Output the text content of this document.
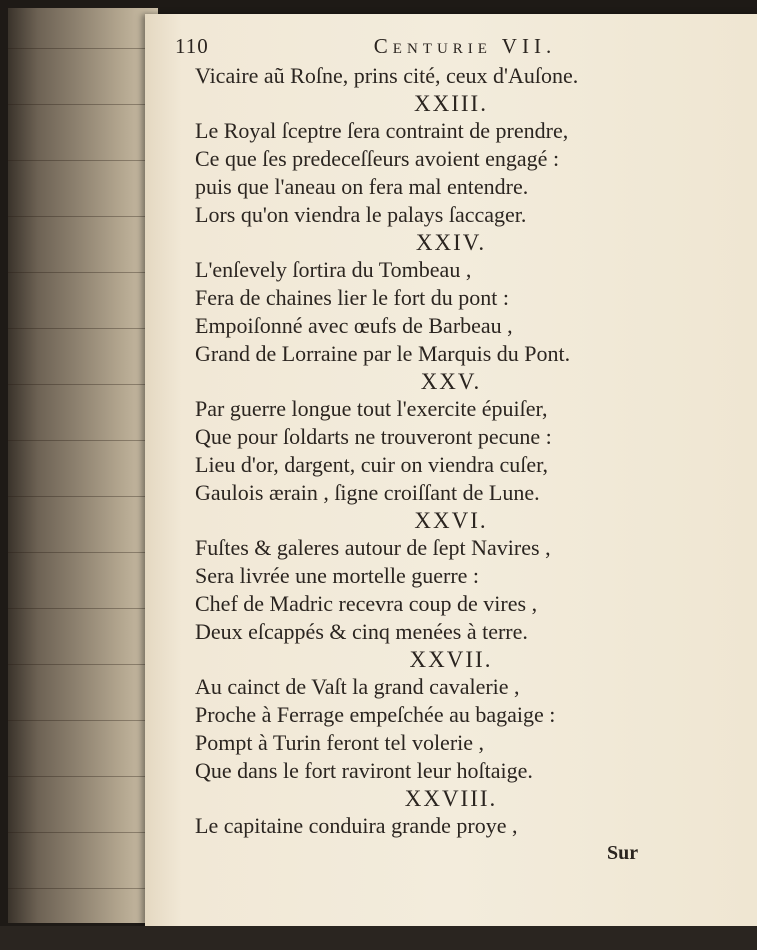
110	Centurie VII.
Sur
Vicaire aũ Roſne, prins cité, ceux d'Auſone.
XXIII.
Le Royal ſceptre ſera contraint de prendre,
Ce que ſes predeceſſeurs avoient engagé :
puis que l'aneau on fera mal entendre.
Lors qu'on viendra le palays ſaccager.
XXIV.
L'enſevely ſortira du Tombeau ,
Fera de chaines lier le fort du pont :
Empoiſonné avec œufs de Barbeau ,
Grand de Lorraine par le Marquis du Pont.
XXV.
Par guerre longue tout l'exercite épuiſer,
Que pour ſoldarts ne trouveront pecune :
Lieu d'or, dargent, cuir on viendra cuſer,
Gaulois ærain , ſigne croiſſant de Lune.
XXVI.
Fuſtes & galeres autour de ſept Navires ,
Sera livrée une mortelle guerre :
Chef de Madric recevra coup de vires ,
Deux eſcappés & cinq menées à terre.
XXVII.
Au cainct de Vaſt la grand cavalerie ,
Proche à Ferrage empeſchée au bagaige :
Pompt à Turin feront tel volerie ,
Que dans le fort raviront leur hoſtaige.
XXVIII.
Le capitaine conduira grande proye ,
